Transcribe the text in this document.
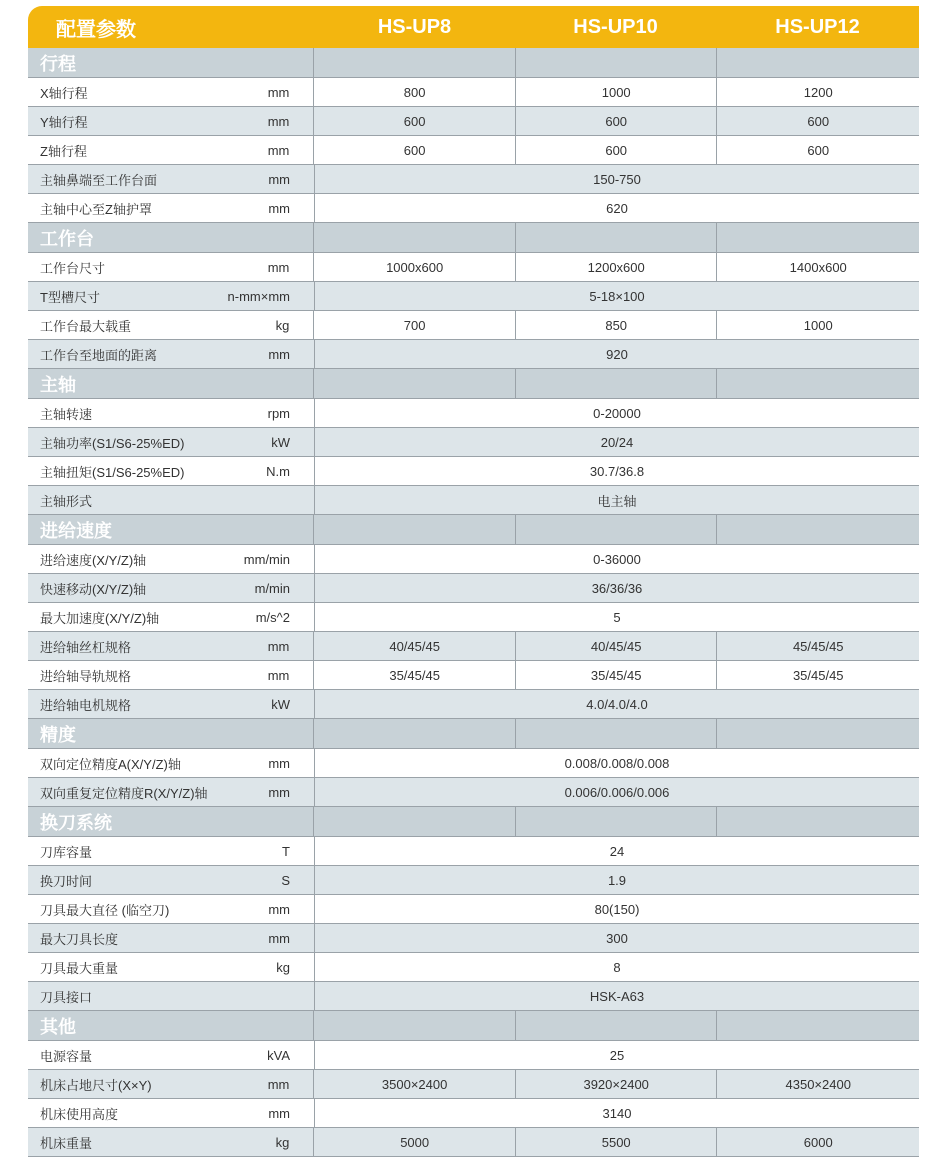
配置参数	HS-UP8	HS-UP10	HS-UP12
行程
X轴行程	mm	800	1000	1200
Y轴行程	mm	600	600	600
Z轴行程	mm	600	600	600
主轴鼻端至工作台面	mm	150-750
主轴中心至Z轴护罩	mm	620
工作台
工作台尺寸	mm	1000x600	1200x600	1400x600
T型槽尺寸	n-mm×mm	5-18×100
工作台最大载重	kg	700	850	1000
工作台至地面的距离	mm	920
主轴
主轴转速	rpm	0-20000
主轴功率(S1/S6-25%ED)	kW	20/24
主轴扭矩(S1/S6-25%ED)	N.m	30.7/36.8
主轴形式	电主轴
进给速度
进给速度(X/Y/Z)轴	mm/min	0-36000
快速移动(X/Y/Z)轴	m/min	36/36/36
最大加速度(X/Y/Z)轴	m/s^2	5
进给轴丝杠规格	mm	40/45/45	40/45/45	45/45/45
进给轴导轨规格	mm	35/45/45	35/45/45	35/45/45
进给轴电机规格	kW	4.0/4.0/4.0
精度
双向定位精度A(X/Y/Z)轴	mm	0.008/0.008/0.008
双向重复定位精度R(X/Y/Z)轴	mm	0.006/0.006/0.006
换刀系统
刀库容量	T	24
换刀时间	S	1.9
刀具最大直径 (临空刀)	mm	80(150)
最大刀具长度	mm	300
刀具最大重量	kg	8
刀具接口	HSK-A63
其他
电源容量	kVA	25
机床占地尺寸(X×Y)	mm	3500×2400	3920×2400	4350×2400
机床使用高度	mm	3140
机床重量	kg	5000	5500	6000
